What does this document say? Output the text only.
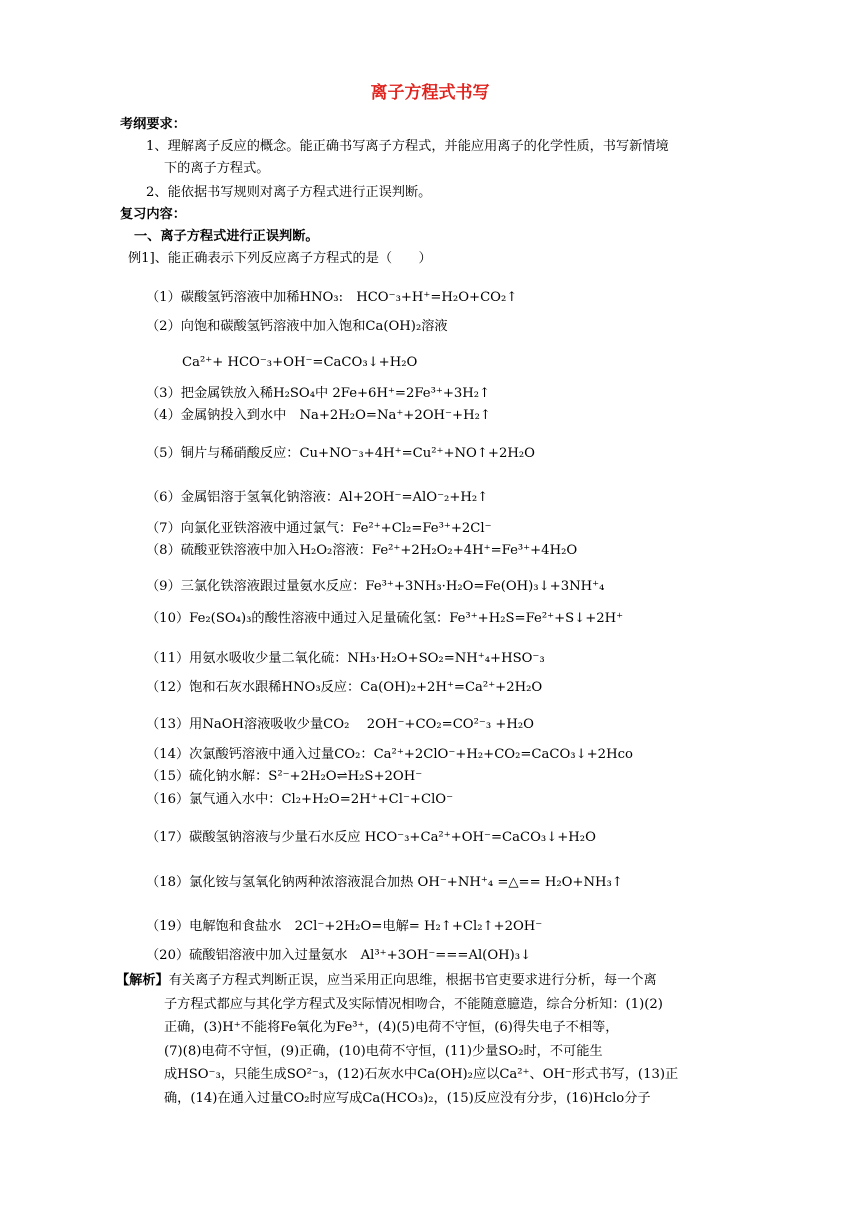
离子方程式书写
考纲要求：
1、理解离子反应的概念。能正确书写离子方程式，并能应用离子的化学性质，书写新情境
下的离子方程式。
2、能依据书写规则对离子方程式进行正误判断。
复习内容：
一、离子方程式进行正误判断。
例1]、能正确表示下列反应离子方程式的是（　　）
（1）碳酸氢钙溶液中加稀HNO₃:　HCO⁻₃+H⁺=H₂O+CO₂↑
（2）向饱和碳酸氢钙溶液中加入饱和Ca(OH)₂溶液
Ca²⁺+ HCO⁻₃+OH⁻=CaCO₃↓+H₂O
（3）把金属铁放入稀H₂SO₄中 2Fe+6H⁺=2Fe³⁺+3H₂↑
（4）金属钠投入到水中　Na+2H₂O=Na⁺+2OH⁻+H₂↑
（5）铜片与稀硝酸反应：Cu+NO⁻₃+4H⁺=Cu²⁺+NO↑+2H₂O
（6）金属铝溶于氢氧化钠溶液：Al+2OH⁻=AlO⁻₂+H₂↑
（7）向氯化亚铁溶液中通过氯气：Fe²⁺+Cl₂=Fe³⁺+2Cl⁻
（8）硫酸亚铁溶液中加入H₂O₂溶液：Fe²⁺+2H₂O₂+4H⁺=Fe³⁺+4H₂O
（9）三氯化铁溶液跟过量氨水反应：Fe³⁺+3NH₃·H₂O=Fe(OH)₃↓+3NH⁺₄
（10）Fe₂(SO₄)₃的酸性溶液中通过入足量硫化氢：Fe³⁺+H₂S=Fe²⁺+S↓+2H⁺
（11）用氨水吸收少量二氧化硫：NH₃·H₂O+SO₂=NH⁺₄+HSO⁻₃
（12）饱和石灰水跟稀HNO₃反应：Ca(OH)₂+2H⁺=Ca²⁺+2H₂O
（13）用NaOH溶液吸收少量CO₂　 2OH⁻+CO₂=CO²⁻₃ +H₂O
（14）次氯酸钙溶液中通入过量CO₂：Ca²⁺+2ClO⁻+H₂+CO₂=CaCO₃↓+2Hco
（15）硫化钠水解：S²⁻+2H₂O⇌H₂S+2OH⁻
（16）氯气通入水中：Cl₂+H₂O=2H⁺+Cl⁻+ClO⁻
（17）碳酸氢钠溶液与少量石水反应 HCO⁻₃+Ca²⁺+OH⁻=CaCO₃↓+H₂O
（18）氯化铵与氢氧化钠两种浓溶液混合加热 OH⁻+NH⁺₄ =△== H₂O+NH₃↑
（19）电解饱和食盐水　2Cl⁻+2H₂O=电解= H₂↑+Cl₂↑+2OH⁻
（20）硫酸铝溶液中加入过量氨水　Al³⁺+3OH⁻===Al(OH)₃↓
【解析】有关离子方程式判断正误，应当采用正向思维，根据书官吏要求进行分析，每一个离
子方程式都应与其化学方程式及实际情况相吻合，不能随意臆造，综合分析知：(1)(2)
正确，(3)H⁺不能将Fe氧化为Fe³⁺，(4)(5)电荷不守恒，(6)得失电子不相等，
(7)(8)电荷不守恒，(9)正确，(10)电荷不守恒，(11)少量SO₂时，不可能生
成HSO⁻₃，只能生成SO²⁻₃，(12)石灰水中Ca(OH)₂应以Ca²⁺、OH⁻形式书写，(13)正
确，(14)在通入过量CO₂时应写成Ca(HCO₃)₂，(15)反应没有分步，(16)Hclo分子
